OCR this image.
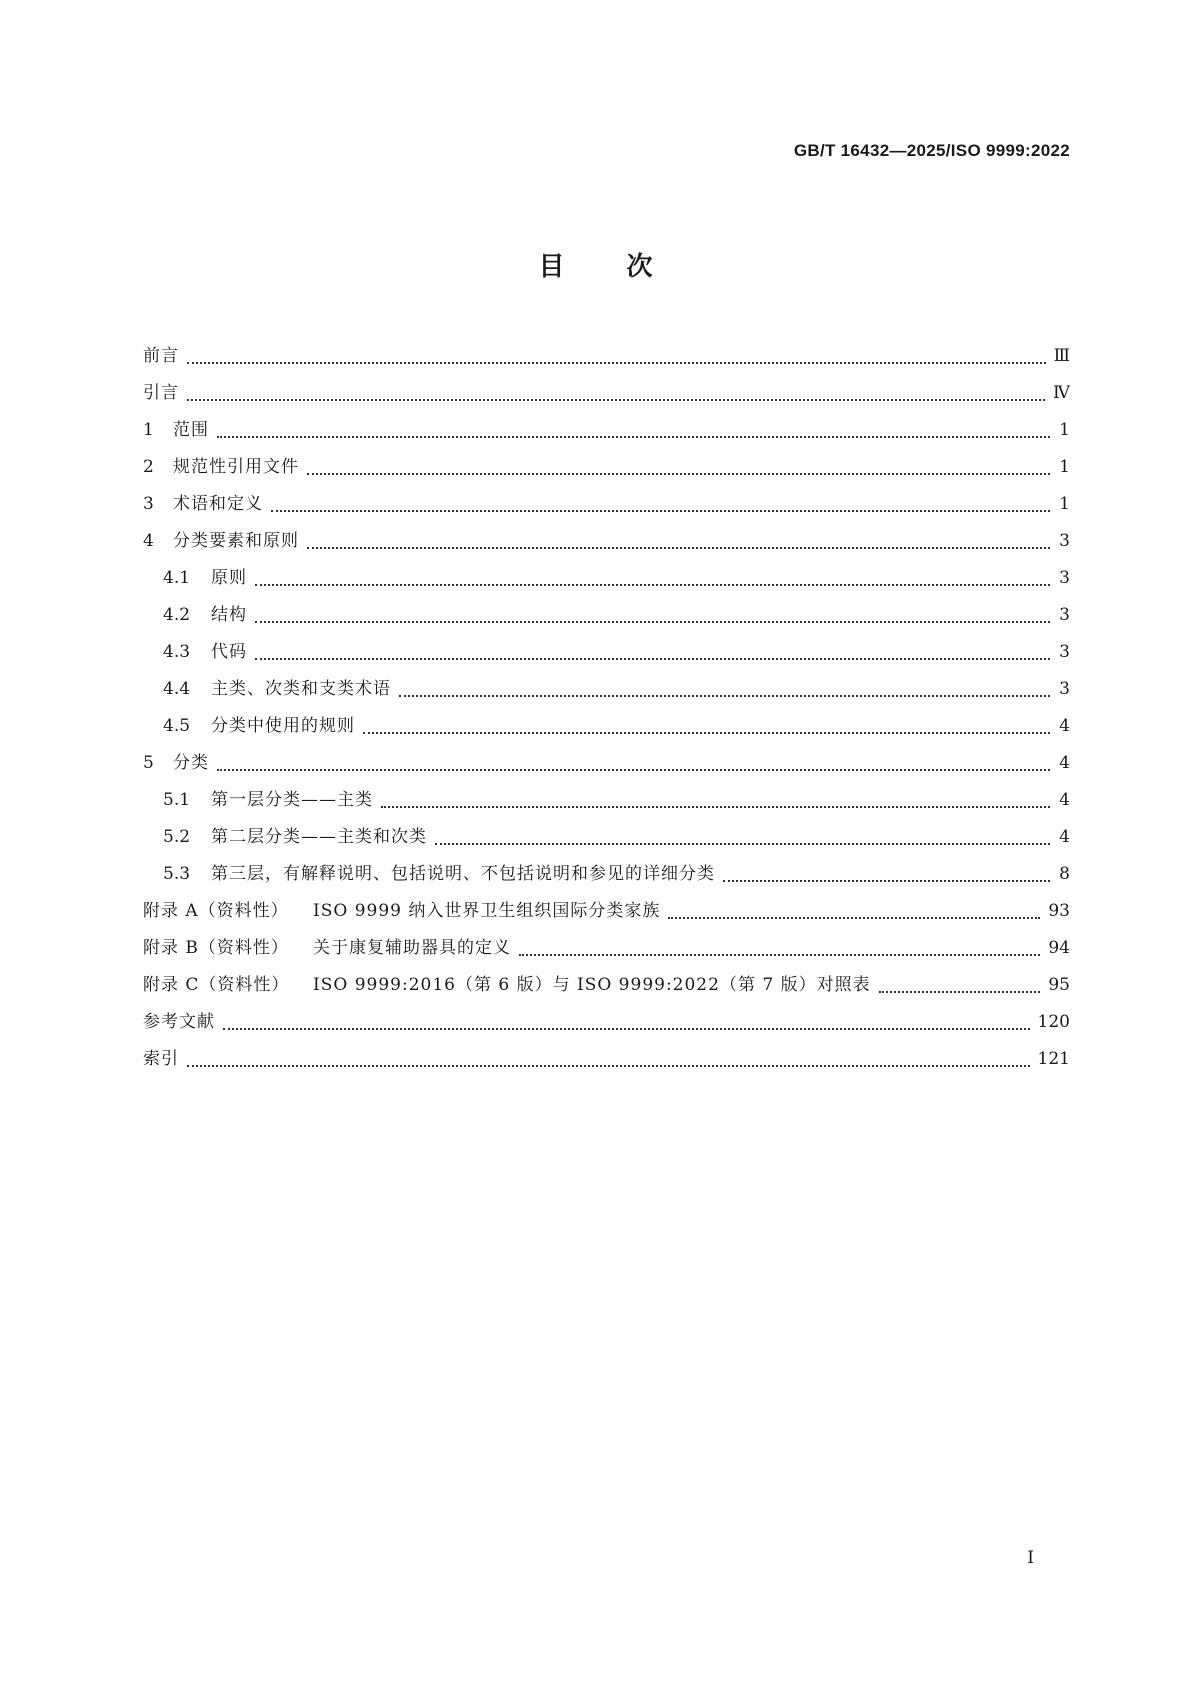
GB/T 16432—2025/ISO 9999:2022
目次
前言	Ⅲ
引言	Ⅳ
1	范围	1
2	规范性引用文件	1
3	术语和定义	1
4	分类要素和原则	3
4.1	原则	3
4.2	结构	3
4.3	代码	3
4.4	主类、次类和支类术语	3
4.5	分类中使用的规则	4
5	分类	4
5.1	第一层分类——主类	4
5.2	第二层分类——主类和次类	4
5.3	第三层，有解释说明、包括说明、不包括说明和参见的详细分类	8
附录 A（资料性） ISO 9999 纳入世界卫生组织国际分类家族	93
附录 B（资料性） 关于康复辅助器具的定义	94
附录 C（资料性） ISO 9999:2016（第 6 版）与 ISO 9999:2022（第 7 版）对照表	95
参考文献	120
索引	121
Ⅰ
